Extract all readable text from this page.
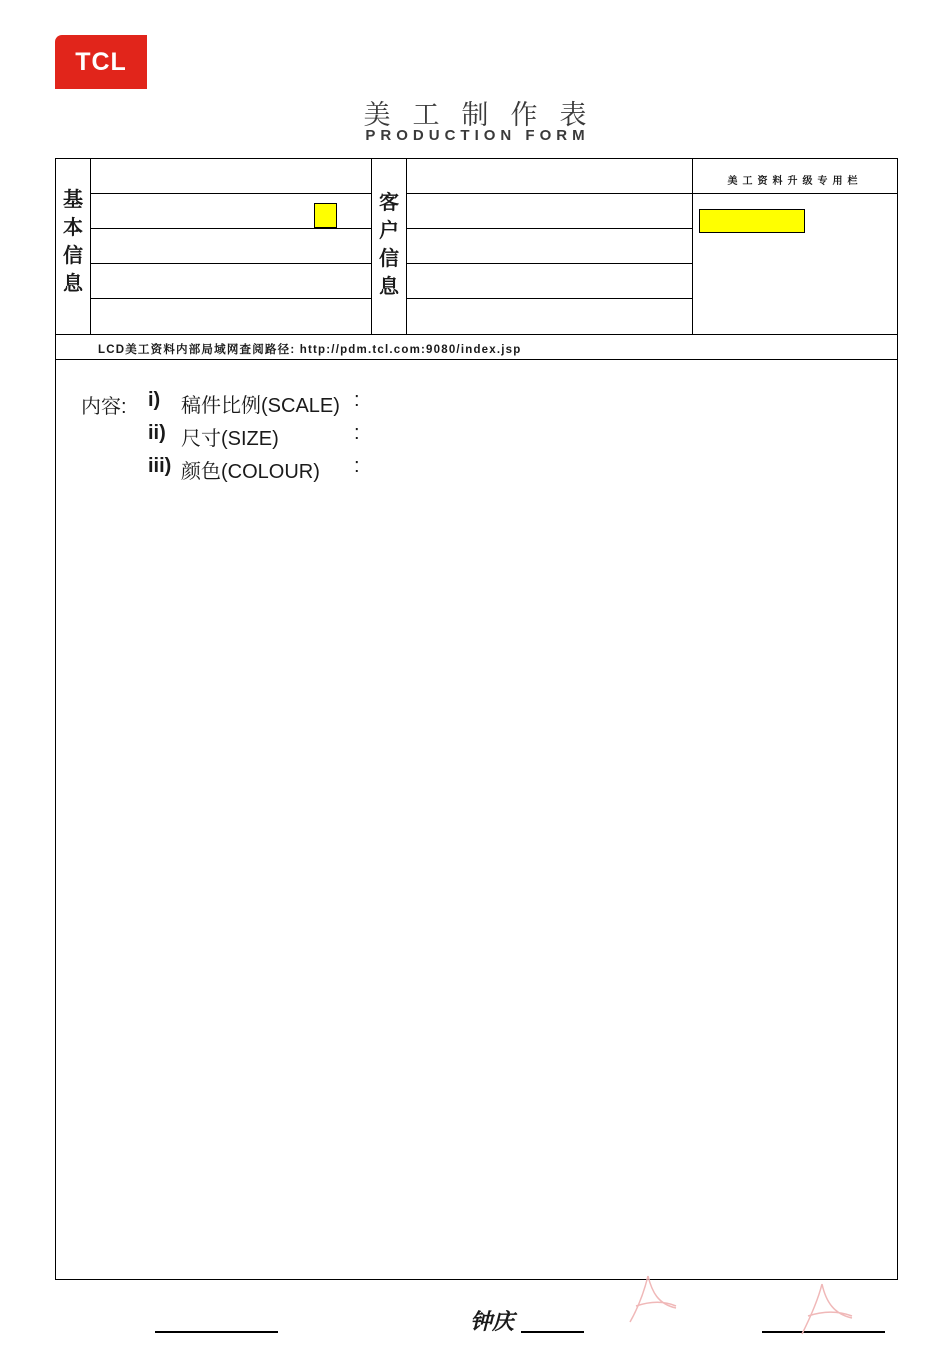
TCL
美工制作表
PRODUCTION FORM
基
本
信
息
客
户
信
息
美工资料升级专用栏
LCD美工资料内部局域网查阅路径: http://pdm.tcl.com:9080/index.jsp
内容: i) 稿件比例(SCALE) :
ii) 尺寸(SIZE)	:
iii) 颜色(COLOUR) :
钟庆
